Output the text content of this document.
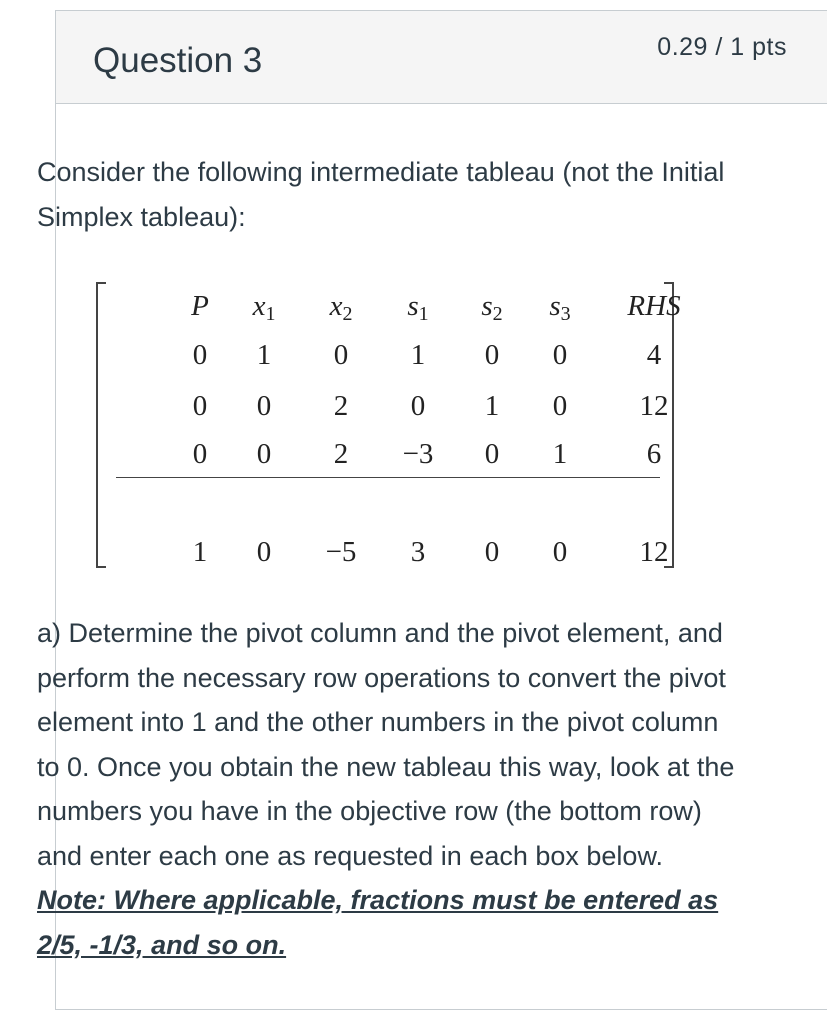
Question 3	0.29 / 1 pts
Consider the following intermediate tableau (not the Initial Simplex tableau):
P	$x_1$	$x_2$	$s_1$	$s_2$	$s_3$	RHS
0	1	0	1	0	0	4
0	0	2	0	1	0	12
0	0	2	−3	0	1	6
1	0	−5	3	0	0	12
a) Determine the pivot column and the pivot element, and perform the necessary row operations to convert the pivot element into 1 and the other numbers in the pivot column to 0. Once you obtain the new tableau this way, look at the numbers you have in the objective row (the bottom row) and enter each one as requested in each box below. Note: Where applicable, fractions must be entered as 2/5, -1/3, and so on.
